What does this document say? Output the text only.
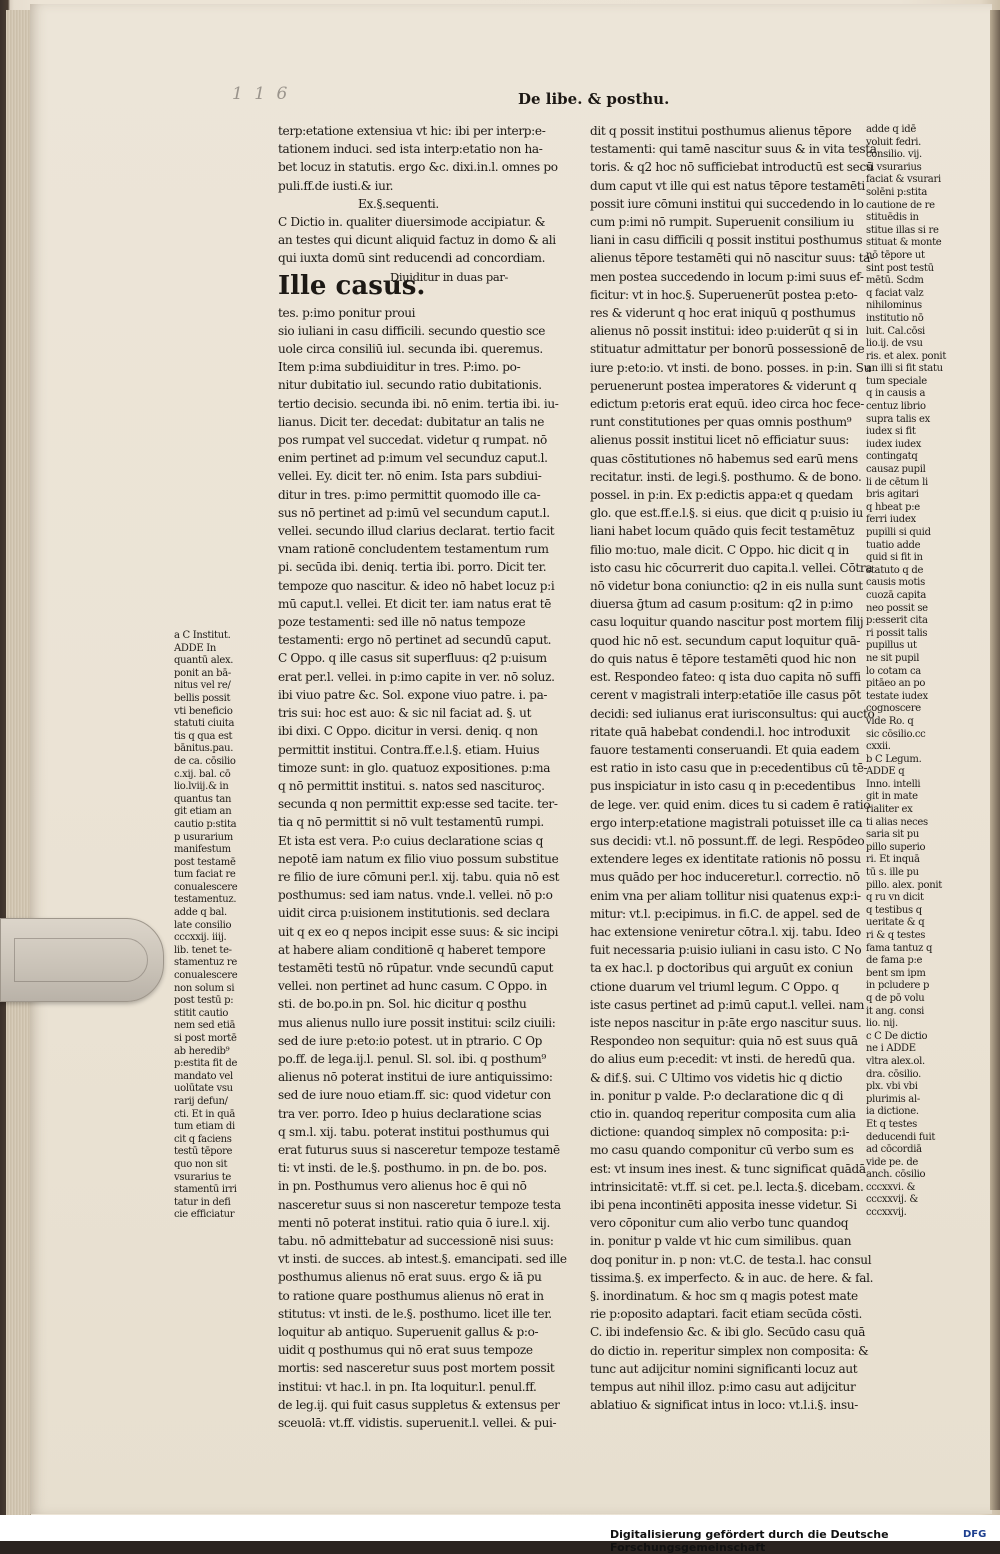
1 1 6	De libe. & posthu.
terp:etatione extensiua vt hic: ibi per interp:e-
tationem induci. sed ista interp:etatio non ha-
bet locuz in statutis. ergo &c. dixi.in.l. omnes po
puli.ff.de iusti.& iur.
Ex.§.sequenti.
C Dictio in. qualiter diuersimode accipiatur. &
an testes qui dicunt aliquid factuz in domo & ali
qui iuxta domū sint reducendi ad concordiam.
Ille casus.Diuiditur in duas par-
tes. p:imo ponitur proui
sio iuliani in casu difficili. secundo questio sce
uole circa consiliū iul. secunda ibi. queremus.
Item p:ima subdiuiditur in tres. P:imo. po-
nitur dubitatio iul. secundo ratio dubitationis.
tertio decisio. secunda ibi. nō enim. tertia ibi. iu-
lianus. Dicit ter. decedat: dubitatur an talis ne
pos rumpat vel succedat. videtur q rumpat. nō
enim pertinet ad p:imum vel secunduz caput.l.
vellei. Ey. dicit ter. nō enim. Ista pars subdiui-
ditur in tres. p:imo permittit quomodo ille ca-
sus nō pertinet ad p:imū vel secundum caput.l.
vellei. secundo illud clarius declarat. tertio facit
vnam rationē concludentem testamentum rum
pi. secūda ibi. deniq. tertia ibi. porro. Dicit ter.
tempoze quo nascitur. & ideo nō habet locuz p:i
mū caput.l. vellei. Et dicit ter. iam natus erat tē
poze testamenti: sed ille nō natus tempoze
testamenti: ergo nō pertinet ad secundū caput.
C Oppo. q ille casus sit superfluus: q2 p:uisum
erat per.l. vellei. in p:imo capite in ver. nō soluz.
ibi viuo patre &c. Sol. expone viuo patre. i. pa-
tris sui: hoc est auo: & sic nil faciat ad. §. ut
ibi dixi. C Oppo. dicitur in versi. deniq. q non
permittit institui. Contra.ff.e.l.§. etiam. Huius
timoze sunt: in glo. quatuoz expositiones. p:ma
q nō permittit institui. s. natos sed nasciturος.
secunda q non permittit exp:esse sed tacite. ter-
tia q nō permittit si nō vult testamentū rumpi.
Et ista est vera. P:o cuius declaratione scias q
nepotē iam natum ex filio viuo possum substitue
re filio de iure cōmuni per.l. xij. tabu. quia nō est
posthumus: sed iam natus. vnde.l. vellei. nō p:o
uidit circa p:uisionem institutionis. sed declara
uit q ex eo q nepos incipit esse suus: & sic incipi
at habere aliam conditionē q haberet tempore
testamēti testū nō rūpatur. vnde secundū caput
vellei. non pertinet ad hunc casum. C Oppo. in
sti. de bo.po.in pn. Sol. hic dicitur q posthu
mus alienus nullo iure possit institui: scilz ciuili:
sed de iure p:eto:io potest. ut in ptrario. C Op
po.ff. de lega.ij.l. penul. Sl. sol. ibi. q posthum⁹
alienus nō poterat institui de iure antiquissimo:
sed de iure nouo etiam.ff. sic: quod videtur con
tra ver. porro. Ideo p huius declaratione scias
q sm.l. xij. tabu. poterat institui posthumus qui
erat futurus suus si nasceretur tempoze testamē
ti: vt insti. de le.§. posthumo. in pn. de bo. pos.
in pn. Posthumus vero alienus hoc ē qui nō
nasceretur suus si non nasceretur tempoze testa
menti nō poterat institui. ratio quia ō iure.l. xij.
tabu. nō admittebatur ad successionē nisi suus:
vt insti. de succes. ab intest.§. emancipati. sed ille
posthumus alienus nō erat suus. ergo & iā pu
to ratione quare posthumus alienus nō erat in
stitutus: vt insti. de le.§. posthumo. licet ille ter.
loquitur ab antiquo. Superuenit gallus & p:o-
uidit q posthumus qui nō erat suus tempoze
mortis: sed nasceretur suus post mortem possit
institui: vt hac.l. in pn. Ita loquitur.l. penul.ff.
de leg.ij. qui fuit casus suppletus & extensus per
sceuolā: vt.ff. vidistis. superuenit.l. vellei. & pui-
dit q possit institui posthumus alienus tēpore
testamenti: qui tamē nascitur suus & in vita testa
toris. & q2 hoc nō sufficiebat introductū est secū
dum caput vt ille qui est natus tēpore testamēti
possit iure cōmuni institui qui succedendo in lo
cum p:imi nō rumpit. Superuenit consilium iu
liani in casu difficili q possit institui posthumus
alienus tēpore testamēti qui nō nascitur suus: ta-
men postea succedendo in locum p:imi suus ef-
ficitur: vt in hoc.§. Superuenerūt postea p:eto-
res & viderunt q hoc erat iniquū q posthumus
alienus nō possit institui: ideo p:uiderūt q si in
stituatur admittatur per bonorū possessionē de
iure p:eto:io. vt insti. de bono. posses. in p:in. Su
peruenerunt postea imperatores & viderunt q
edictum p:etoris erat equū. ideo circa hoc fece-
runt constitutiones per quas omnis posthum⁹
alienus possit institui licet nō efficiatur suus:
quas cōstitutiones nō habemus sed earū mens
recitatur. insti. de legi.§. posthumo. & de bono.
possel. in p:in. Ex p:edictis appa:et q quedam
glo. que est.ff.e.l.§. si eius. que dicit q p:uisio iu
liani habet locum quādo quis fecit testamētuz
filio mo:tuo, male dicit. C Oppo. hic dicit q in
isto casu hic cōcurrerit duo capita.l. vellei. Cōtra
nō videtur bona coniunctio: q2 in eis nulla sunt
diuersa ḡtum ad casum p:ositum: q2 in p:imo
casu loquitur quando nascitur post mortem filij
quod hic nō est. secundum caput loquitur quā-
do quis natus ē tēpore testamēti quod hic non
est. Respondeo fateo: q ista duo capita nō suffi
cerent v magistrali interp:etatiōe ille casus pōt
decidi: sed iulianus erat iurisconsultus: qui aucto
ritate quā habebat condendi.l. hoc introduxit
fauore testamenti conseruandi. Et quia eadem
est ratio in isto casu que in p:ecedentibus cū tē-
pus inspiciatur in isto casu q in p:ecedentibus
de lege. ver. quid enim. dices tu si cadem ē ratio
ergo interp:etatione magistrali potuisset ille ca
sus decidi: vt.l. nō possunt.ff. de legi. Respōdeo
extendere leges ex identitate rationis nō possu
mus quādo per hoc induceretur.l. correctio. nō
enim vna per aliam tollitur nisi quatenus exp:i-
mitur: vt.l. p:ecipimus. in fi.C. de appel. sed de
hac extensione veniretur cōtra.l. xij. tabu. Ideo
fuit necessaria p:uisio iuliani in casu isto. C No
ta ex hac.l. p doctoribus qui arguūt ex coniun
ctione duarum vel triuml legum. C Oppo. q
iste casus pertinet ad p:imū caput.l. vellei. nam
iste nepos nascitur in p:āte ergo nascitur suus.
Respondeo non sequitur: quia nō est suus quā
do alius eum p:ecedit: vt insti. de heredū qua.
& dif.§. sui. C Ultimo vos videtis hic q dictio
in. ponitur p valde. P:o declaratione dic q di
ctio in. quandoq reperitur composita cum alia
dictione: quandoq simplex nō composita: p:i-
mo casu quando componitur cū verbo sum es
est: vt insum ines inest. & tunc significat quādā
intrinsicitatē: vt.ff. si cet. pe.l. lecta.§. dicebam.
ibi pena incontinēti apposita inesse videtur. Si
vero cōponitur cum alio verbo tunc quandoq
in. ponitur p valde vt hic cum similibus. quan
doq ponitur in. p non: vt.C. de testa.l. hac consul
tissima.§. ex imperfecto. & in auc. de here. & fal.
§. inordinatum. & hoc sm q magis potest mate
rie p:oposito adaptari. facit etiam secūda cōsti.
C. ibi indefensio &c. & ibi glo. Secūdo casu quā
do dictio in. reperitur simplex non composita: &
tunc aut adijcitur nomini significanti locuz aut
tempus aut nihil illoz. p:imo casu aut adijcitur
ablatiuo & significat intus in loco: vt.l.i.§. insu-
a C Institut.
ADDE In
quantū alex.
ponit an bā-
nitus vel re/
bellis possit
vti beneficio
statuti ciuita
tis q qua est
bānitus.pau.
de ca. cōsilio
c.xij. bal. cō
lio.lviij.& in
quantus tan
git etiam an
cautio p:stita
p usurarium
manifestum
post testamē
tum faciat re
conualescere
testamentuz.
adde q bal.
late consilio
cccxxij. iiij.
lib. tenet te-
stamentuz re
conualescere
non solum si
post testū p:
stitit cautio
nem sed etiā
si post mortē
ab heredib⁹
p:estita fit de
mandato vel
uolūtate vsu
rarij defun/
cti. Et in quā
tum etiam di
cit q faciens
testū tēpore
quo non sit
vsurarius te
stamentū irri
tatur in defi
cie efficiatur
adde q idē
voluit fedri.
consilio. vij.
si vsurarius
faciat & vsurari
solēni p:stita
cautione de re
stituēdis in
stitue illas si re
stituat & monte
nō tēpore ut
sint post testū
mētū. Scdm
q faciat valz
nihilominus
institutio nō
luit. Cal.cōsi
lio.ij. de vsu
ris. et alex. ponit
an illi si fit statu
tum speciale
q in causis a
centuz librio
supra talis ex
iudex si fit
iudex iudex
contingatq
causaz pupil
li de cētum li
bris agitari
q hbeat p:e
ferri iudex
pupilli si quid
tuatio adde
quid si fit in
statuto q de
causis motis
cuozā capita
neo possit se
p:esserit cita
ri possit talis
pupillus ut
ne sit pupil
lo cotam ca
pitāeo an po
testate iudex
cognoscere
vide Ro. q
sic cōsilio.cc
cxxii.
b C Legum.
ADDE q
Inno. intelli
git in mate
rialiter ex
ti alias neces
saria sit pu
pillo superio
ri. Et inquā
tū s. ille pu
pillo. alex. ponit
q ru vn dicit
q testibus q
ueritate & q
ri & q testes
fama tantuz q
de fama p:e
bent sm ipm
in pcludere p
q de pō volu
it ang. consi
lio. nij.
c C De dictio
ne i ADDE
vltra alex.ol.
dra. cōsilio.
plx. vbi vbi
plurimis al-
ia dictione.
Et q testes
deducendi fuit
ad cōcordiā
vide pe. de
anch. cōsilio
cccxxvi. &
cccxxvij. &
cccxxvij.
Digitalisierung gefördert durch die Deutsche Forschungsgemeinschaft
DFG
